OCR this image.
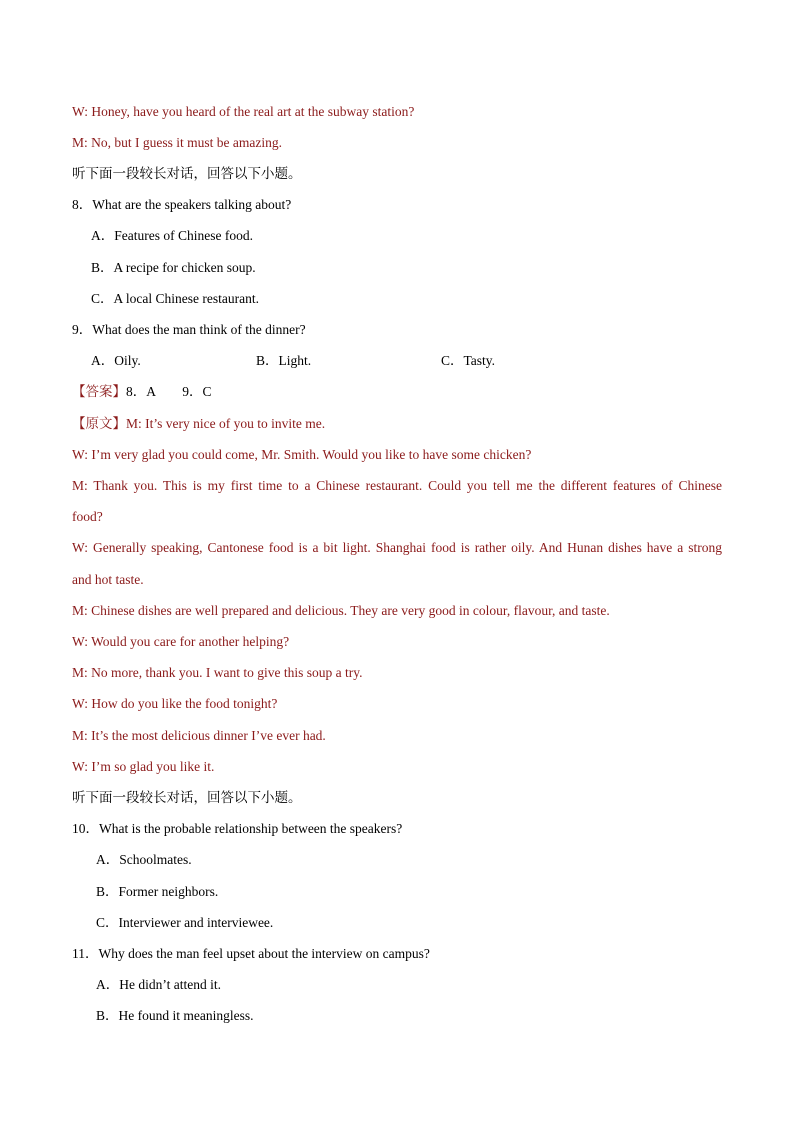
W: Honey, have you heard of the real art at the subway station?
M: No, but I guess it must be amazing.
听下面一段较长对话，回答以下小题。
8．What are the speakers talking about?
A．Features of Chinese food.
B．A recipe for chicken soup.
C．A local Chinese restaurant.
9．What does the man think of the dinner?
A．Oily.	B．Light.	C．Tasty.
【答案】8．A        9．C
【原文】M: It’s very nice of you to invite me.
W: I’m very glad you could come, Mr. Smith. Would you like to have some chicken?
M: Thank you. This is my first time to a Chinese restaurant. Could you tell me the different features of Chinese
food?
W: Generally speaking, Cantonese food is a bit light. Shanghai food is rather oily. And Hunan dishes have a strong
and hot taste.
M: Chinese dishes are well prepared and delicious. They are very good in colour, flavour, and taste.
W: Would you care for another helping?
M: No more, thank you. I want to give this soup a try.
W: How do you like the food tonight?
M: It’s the most delicious dinner I’ve ever had.
W: I’m so glad you like it.
听下面一段较长对话，回答以下小题。
10．What is the probable relationship between the speakers?
A．Schoolmates.
B．Former neighbors.
C．Interviewer and interviewee.
11．Why does the man feel upset about the interview on campus?
A．He didn’t attend it.
B．He found it meaningless.
